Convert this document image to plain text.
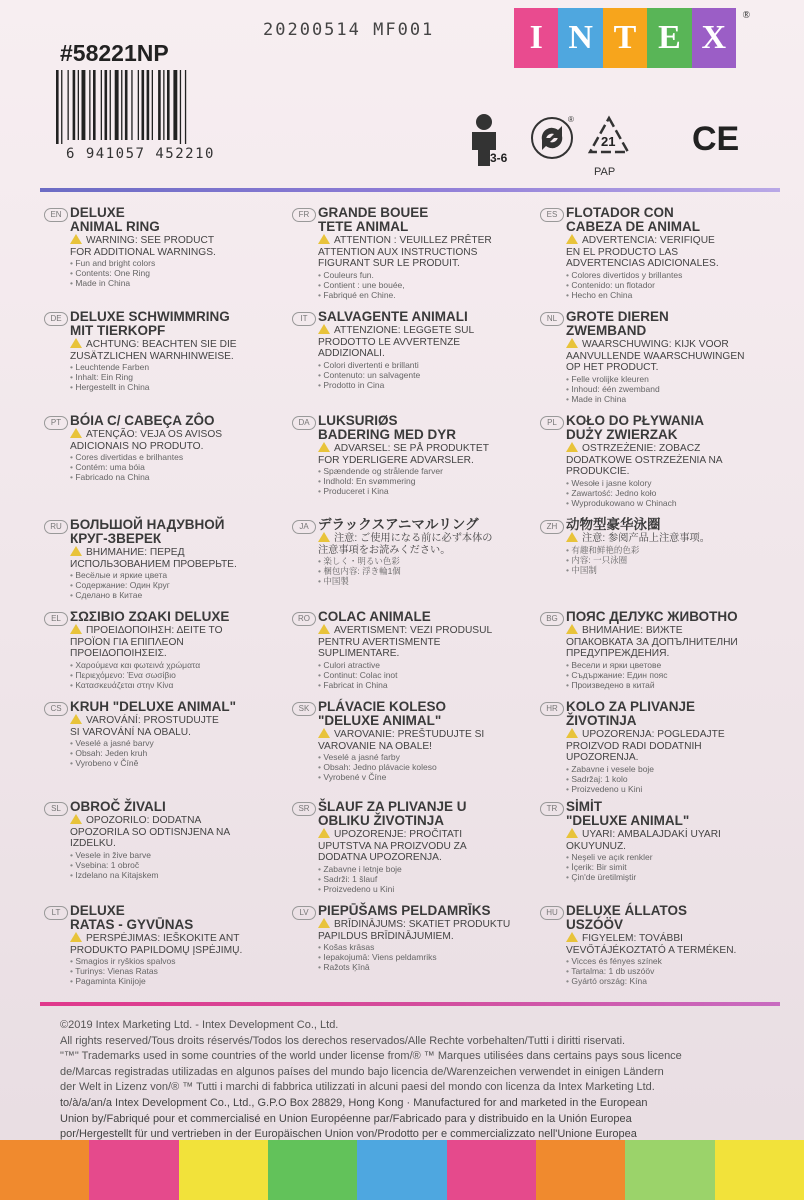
20200514 MF001	I N T E X
®
#58221NP
6 941057 452210	3-6
®
21 CE
PAP
EN DELUXE
ANIMAL RING
WARNING: SEE PRODUCT
FOR ADDITIONAL WARNINGS.
• Fun and bright colors
• Contents: One Ring
• Made in China
FR GRANDE BOUEE
TETE ANIMAL
ATTENTION : VEUILLEZ PRÊTER
ATTENTION AUX INSTRUCTIONS
FIGURANT SUR LE PRODUIT.
• Couleurs fun.
• Contient : une bouée,
• Fabriqué en Chine.
ES FLOTADOR CON
CABEZA DE ANIMAL
ADVERTENCIA: VERIFIQUE
EN EL PRODUCTO LAS
ADVERTENCIAS ADICIONALES.
• Colores divertidos y brillantes
• Contenido: un flotador
• Hecho en China
DE DELUXE SCHWIMMRING
MIT TIERKOPF
ACHTUNG: BEACHTEN SIE DIE
ZUSÄTZLICHEN WARNHINWEISE.
• Leuchtende Farben
• Inhalt: Ein Ring
• Hergestellt in China
IT SALVAGENTE ANIMALI
ATTENZIONE: LEGGETE SUL
PRODOTTO LE AVVERTENZE
ADDIZIONALI.
• Colori divertenti e brillanti
• Contenuto: un salvagente
• Prodotto in Cina
NL GROTE DIEREN
ZWEMBAND
WAARSCHUWING: KIJK VOOR
AANVULLENDE WAARSCHUWINGEN
OP HET PRODUCT.
• Felle vrolijke kleuren
• Inhoud: één zwemband
• Made in China
PT BÓIA C/ CABEÇA ZÔO
ATENÇÃO: VEJA OS AVISOS
ADICIONAIS NO PRODUTO.
• Cores divertidas e brilhantes
• Contém: uma bóia
• Fabricado na China
DA LUKSURIØS
BADERING MED DYR
ADVARSEL: SE PÅ PRODUKTET
FOR YDERLIGERE ADVARSLER.
• Spændende og strålende farver
• Indhold: En svømmering
• Produceret i Kina
PL KOŁO DO PŁYWANIA
DUŻY ZWIERZAK
OSTRZEŻENIE: ZOBACZ
DODATKOWE OSTRZEŻENIA NA
PRODUKCIE.
• Wesołe i jasne kolory
• Zawartość: Jedno koło
• Wyprodukowano w Chinach
RU БОЛЬШОЙ НАДУВНОЙ
КРУГ-ЗВЕРЕК
ВНИМАНИЕ: ПЕРЕД
ИСПОЛЬЗОВАНИЕМ ПРОВЕРЬТЕ.
• Весёлые и яркие цвета
• Содержание: Один Круг
• Сделано в Китае
JA デラックスアニマルリング
注意: ご使用になる前に必ず本体の
注意事項をお読みください。
• 楽しく・明るい色彩
• 梱包内容: 浮き輪1個
• 中国製
ZH 动物型豪华泳圈
注意: 参阅产品上注意事项。
• 有趣和鲜艳的色彩
• 内容: 一只泳圈
• 中国制
EL ΣΩΣΙΒΙΟ ΖΩΑΚΙ DELUXE
ΠΡΟΕΙΔΟΠΟΙΗΣΗ: ΔΕΙΤΕ ΤΟ
ΠΡΟΪΟΝ ΓΙΑ ΕΠΙΠΛΕΟΝ
ΠΡΟΕΙΔΟΠΟΙΗΣΕΙΣ.
• Χαρούμενα και φωτεινά χρώματα
• Περιεχόμενο: Ένα σωσίβιο
• Κατασκευάζεται στην Κίνα
RO COLAC ANIMALE
AVERTISMENT: VEZI PRODUSUL
PENTRU AVERTISMENTE
SUPLIMENTARE.
• Culori atractive
• Continut: Colac inot
• Fabricat in China
BG ПОЯС ДЕЛУКС ЖИВОТНО
ВНИМАНИЕ: ВИЖТЕ
ОПАКОВКАТА ЗА ДОПЪЛНИТЕЛНИ
ПРЕДУПРЕЖДЕНИЯ.
• Весели и ярки цветове
• Съдържание: Един пояс
• Произведено в китай
CS KRUH "DELUXE ANIMAL"
VAROVÁNÍ: PROSTUDUJTE
SI VAROVÁNÍ NA OBALU.
• Veselé a jasné barvy
• Obsah: Jeden kruh
• Vyrobeno v Číně
SK PLÁVACIE KOLESO
"DELUXE ANIMAL"
VAROVANIE: PREŠTUDUJTE SI
VAROVANIE NA OBALE!
• Veselé a jasné farby
• Obsah: Jedno plávacie koleso
• Vyrobené v Číne
HR KOLO ZA PLIVANJE
ŽIVOTINJA
UPOZORENJA: POGLEDAJTE
PROIZVOD RADI DODATNIH
UPOZORENJA.
• Zabavne i vesele boje
• Sadržaj: 1 kolo
• Proizvedeno u Kini
SL OBROČ ŽIVALI
OPOZORILO: DODATNA
OPOZORILA SO ODTISNJENA NA
IZDELKU.
• Vesele in žive barve
• Vsebina: 1 obroč
• Izdelano na Kitajskem
SR ŠLAUF ZA PLIVANJE U
OBLIKU ŽIVOTINJA
UPOZORENJE: PROČITATI
UPUTSTVA NA PROIZVODU ZA
DODATNA UPOZORENJA.
• Zabavne i letnje boje
• Sadrži: 1 šlauf
• Proizvedeno u Kini
TR SİMİT
"DELUXE ANIMAL"
UYARI: AMBALAJDAKİ UYARI
OKUYUNUZ.
• Neşeli ve açık renkler
• İçerik: Bir simit
• Çin'de üretilmiştir
LT DELUXE
RATAS - GYVŪNAS
PERSPĖJIMAS: IEŠKOKITE ANT
PRODUKTO PAPILDOMŲ ĮSPĖJIMŲ.
• Smagios ir ryškios spalvos
• Turinys: Vienas Ratas
• Pagaminta Kinijoje
LV PIEPŪŠAMS PELDAMRĪKS
BRĪDINĀJUMS: SKATIET PRODUKTU
PAPILDUS BRĪDINĀJUMIEM.
• Košas krāsas
• Iepakojumā: Viens peldamriks
• Ražots Ķīnā
HU DELUXE ÁLLATOS
USZÓÖV
FIGYELEM: TOVÁBBI
VEVŐTÁJÉKOZTATÓ A TERMÉKEN.
• Vicces és fényes színek
• Tartalma: 1 db uszóöv
• Gyártó ország: Kína

©2019 Intex Marketing Ltd. - Intex Development Co., Ltd.

All rights reserved/Tous droits réservés/Todos los derechos reservados/Alle Rechte vorbehalten/Tutti i diritti riservati.

"™" Trademarks used in some countries of the world under license from/® ™ Marques utilisées dans certains pays sous licence

de/Marcas registradas utilizadas en algunos países del mundo bajo licencia de/Warenzeichen verwendet in einigen Ländern

der Welt in Lizenz von/® ™ Tutti i marchi di fabbrica utilizzati in alcuni paesi del mondo con licenza da Intex Marketing Ltd.

to/à/a/an/a Intex Development Co., Ltd., G.P.O Box 28829, Hong Kong · Manufactured for and marketed in the European

Union by/Fabriqué pour et commercialisé en Union Européenne par/Fabricado para y distribuido en la Unión Europea

por/Hergestellt für und vertrieben in der Europäischen Union von/Prodotto per e commercializzato nell'Unione Europea
